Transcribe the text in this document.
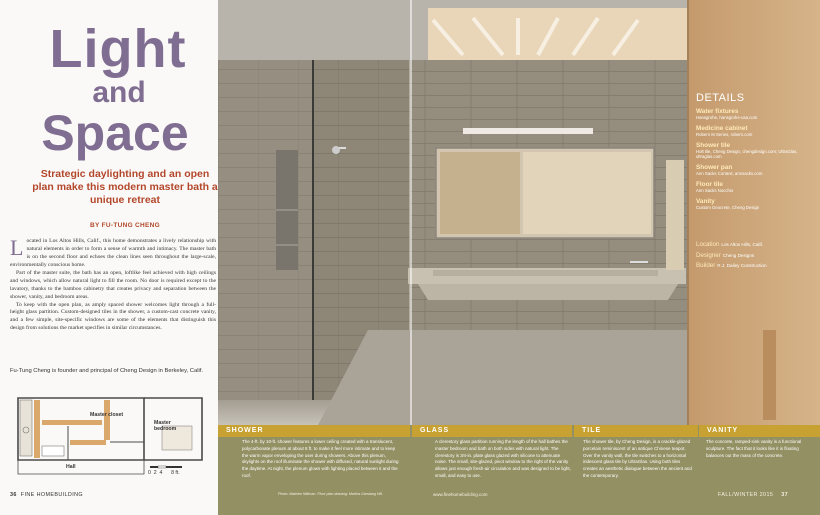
Light
and
Space
Strategic daylighting and an open plan make this modern master bath a unique retreat
BY FU-TUNG CHENG

Located in Los Altos Hills, Calif., this home demonstrates a lively relationship with natural elements in order to form a sense of warmth and intimacy. The master bath is on the second floor and echoes the clean lines seen throughout the large-scale, environmentally conscious home.

Part of the master suite, the bath has an open, loftlike feel achieved with high ceilings and windows, which allow natural light to fill the room. No door is required except to the lavatory, thanks to the bamboo cabinetry that creates privacy and separation between the shower, vanity, and bedroom areas.

To keep with the open plan, as amply spaced shower welcomes light through a full-height glass partition. Custom-designed tiles in the shower, a custom-cast concrete vanity, and a few simple, site-specific windows are some of the elements that distinguish this design from solutions the market specifies in similar circumstances.

Fu-Tung Cheng is founder and principal of Cheng Design in Berkeley, Calif.
Master closet
Master bedroom
Hall
0  2  4      8 ft.
36 FINE HOMEBUILDING
DETAILS
Water fixtures
Hansgrohe, hansgrohe-usa.com
Medicine cabinet
Robern M Series, robern.com
Shower tile
Holt tile, Cheng Design, chengdesign.com; UltraGlas, ultraglas.com
Shower pan
Ann Sacks Context, annsacks.com
Floor tile
Ann Sacks Nocchio
Vanity
Custom Geocrete, Cheng Design
Location Los Altos Hills, Calif.
Designer Cheng Designs
Builder R.J. Dailey Construction
SHOWER
The 4-ft. by 10-ft. shower features a lower ceiling created with a translucent, polycarbonate plenum at about 8 ft. to make it feel more intimate and to keep the warm vapor enveloping the user during showers. Above this plenum, skylights on the roof illuminate the shower with diffused, natural sunlight during the daytime. At night, the plenum glows with lighting placed between it and the roof.
GLASS
A clerestory glass partition running the length of the hall bathes the master bedroom and bath on both sides with natural light. The clerestory is 3⁄4-in. plate glass glazed with silicone to attenuate noise. The small, site-glazed, pivot window to the right of the vanity allows just enough fresh-air circulation and was designed to be light, small, and easy to use.
TILE
The shower tile, by Cheng Design, is a crackle-glazed porcelain reminiscent of an antique Chinese teapot. Over the vanity wall, the tile switches to a horizontal iridescent glass tile by UltraGlas. Using both tiles creates an aesthetic dialogue between the ancient and the contemporary.
VANITY
The concrete, ramped-sink vanity is a functional sculpture. The fact that it looks like it is floating balances out the mass of the concrete.
Photo: Mathew Millman. Floor plan drawing: Martha Garstang Hill.	www.finehomebuilding.com	FALL/WINTER 2015 37
